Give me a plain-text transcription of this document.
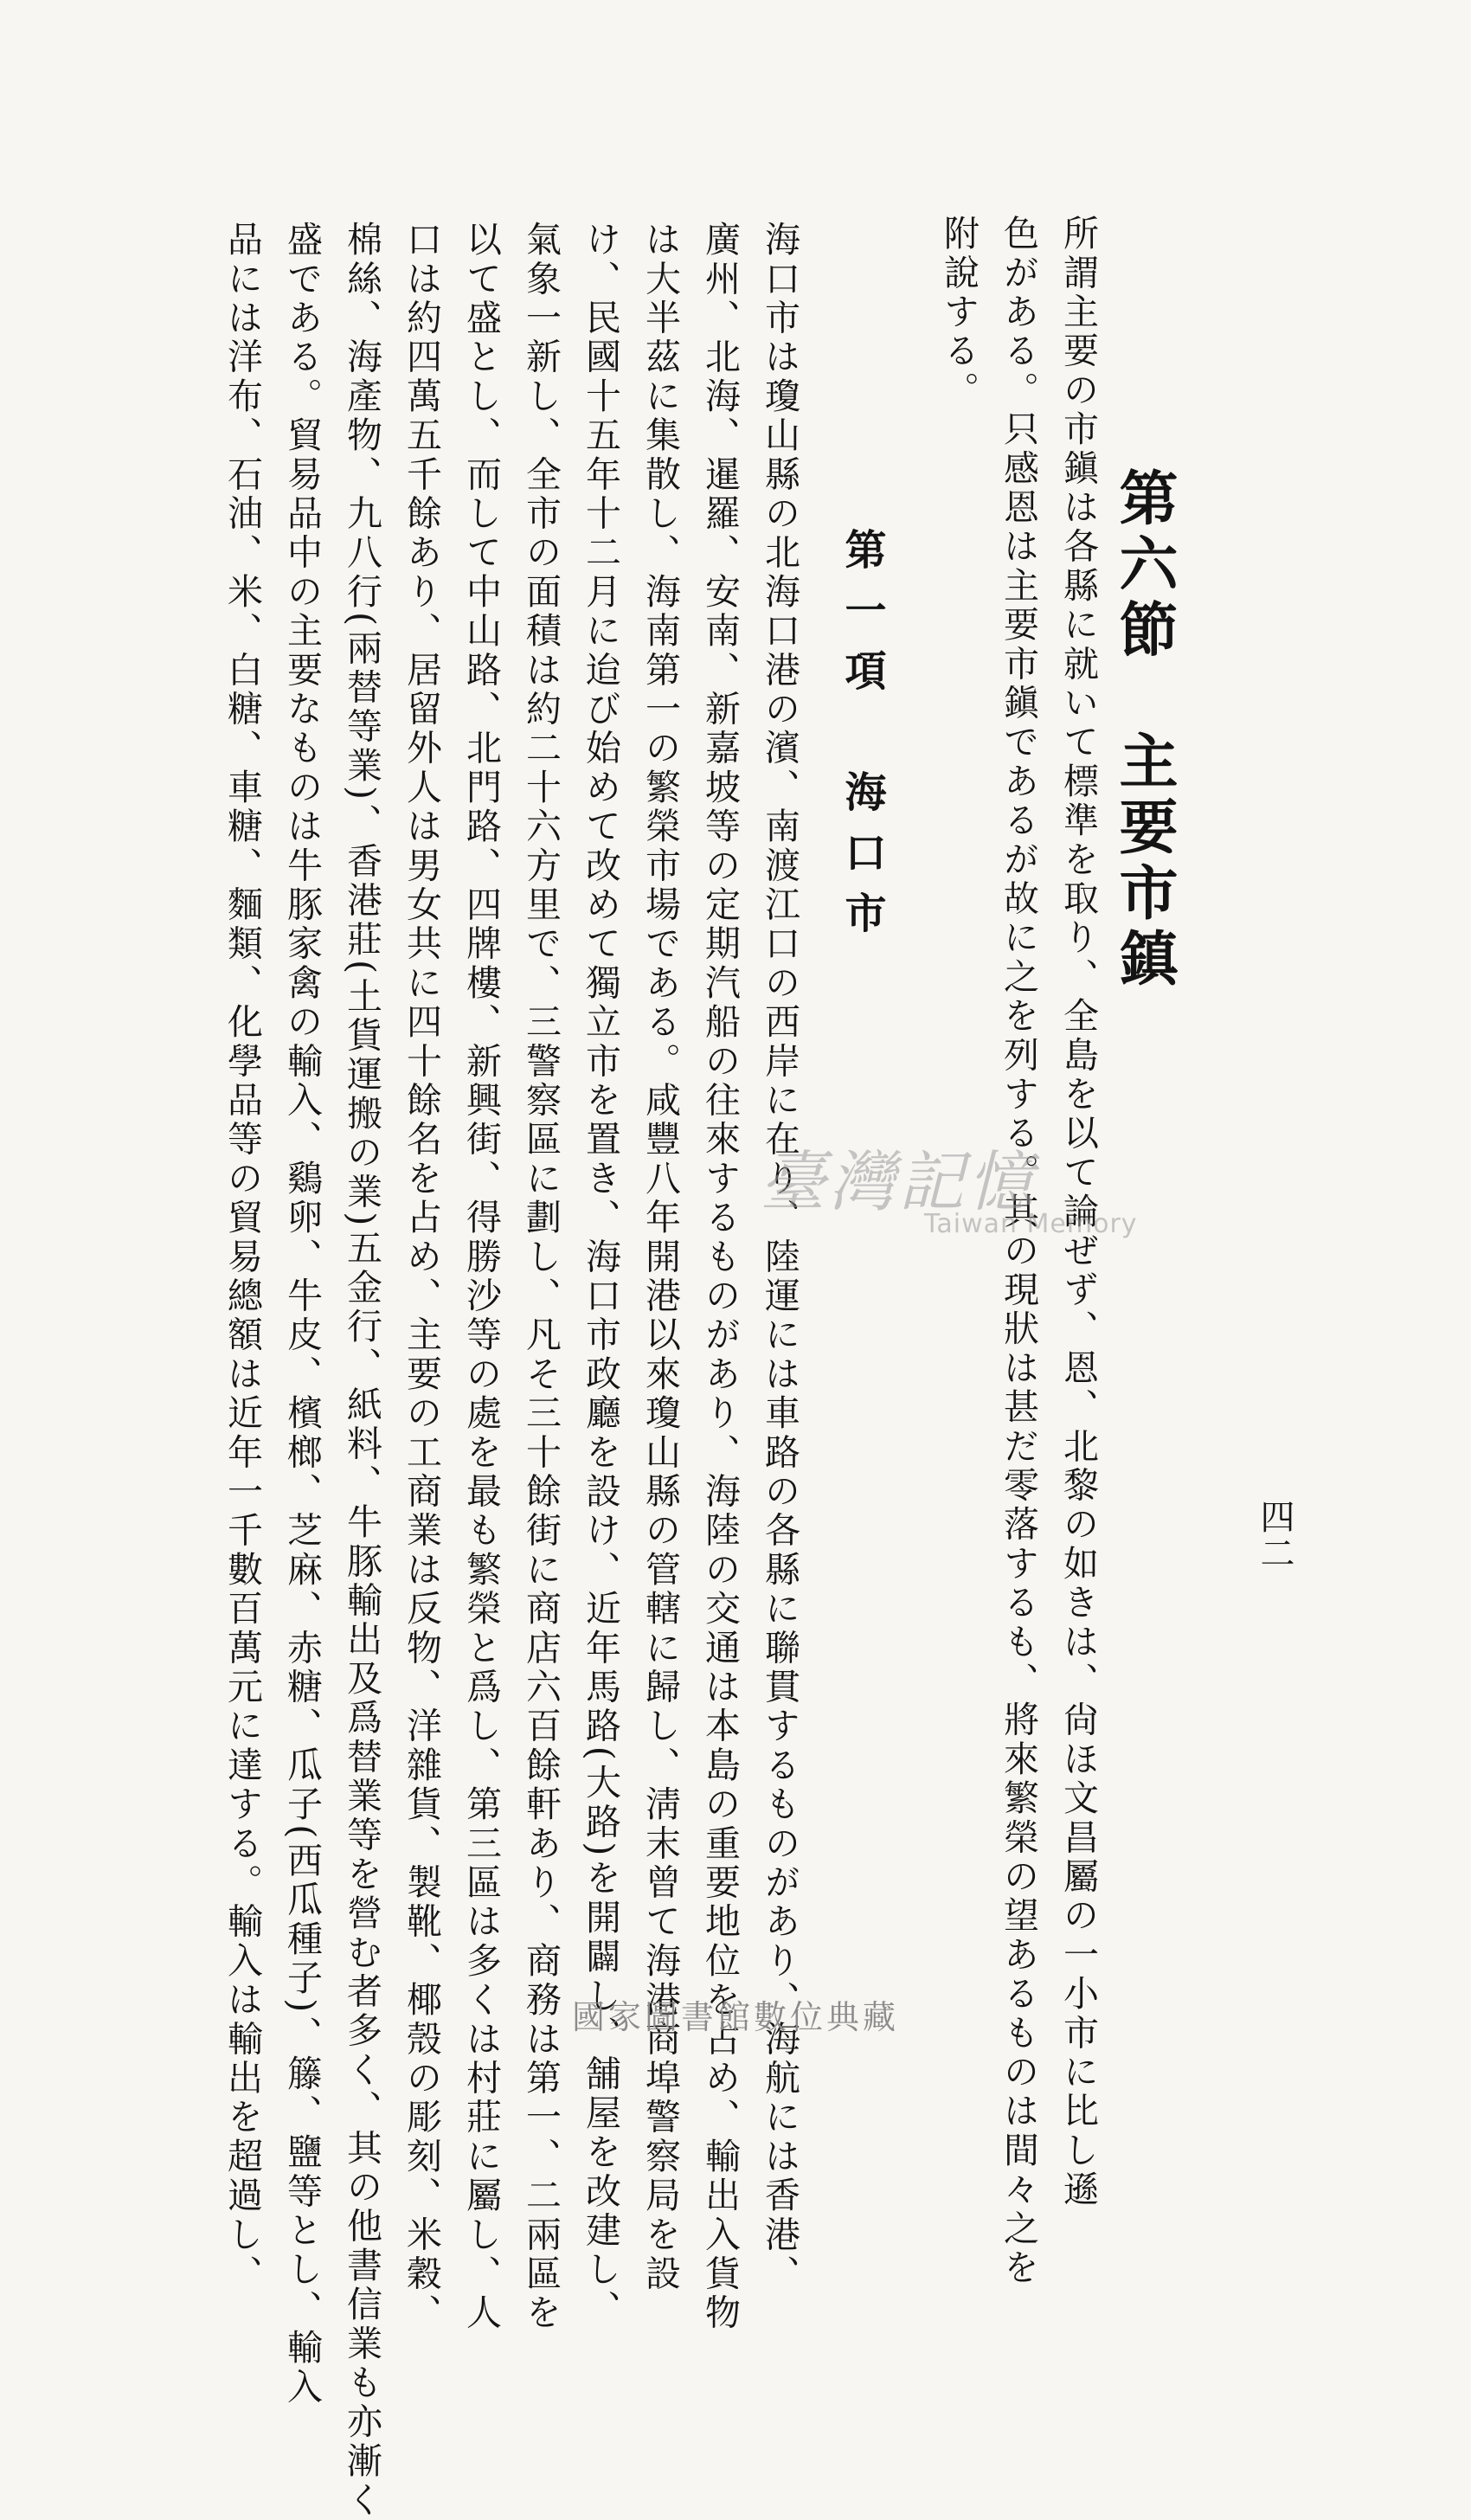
四二
第六節　主要市鎮
所謂主要の市鎭は各縣に就いて標準を取り、全島を以て論ぜず、恩、北黎の如きは、尙ほ文昌屬の一小市に比し遜
色がある。只感恩は主要市鎭であるが故に之を列する。其の現狀は甚だ零落するも、將來繁榮の望あるものは間々之を
附說する。
第一項　海口市
海口市は瓊山縣の北海口港の濱、南渡江口の西岸に在り、陸運には車路の各縣に聯貫するものがあり、海航には香港、
廣州、北海、暹羅、安南、新嘉坡等の定期汽船の往來するものがあり、海陸の交通は本島の重要地位を占め、輸出入貨物
は大半茲に集散し、海南第一の繁榮市場である。咸豐八年開港以來瓊山縣の管轄に歸し、淸末曾て海港商埠警察局を設
け、民國十五年十二月に迨び始めて改めて獨立市を置き、海口市政廳を設け、近年馬路(大路)を開闢し、舗屋を改建し、
氣象一新し、全市の面積は約二十六方里で、三警察區に劃し、凡そ三十餘街に商店六百餘軒あり、商務は第一、二兩區を
以て盛とし、而して中山路、北門路、四牌樓、新興街、得勝沙等の處を最も繁榮と爲し、第三區は多くは村莊に屬し、人
口は約四萬五千餘あり、居留外人は男女共に四十餘名を占め、主要の工商業は反物、洋雜貨、製靴、椰殼の彫刻、米穀、
棉絲、海產物、九八行(兩替等業)、香港莊(土貨運搬の業)五金行、紙料、牛豚輸出及爲替業等を營む者多く、其の他書信業も亦漸く
盛である。貿易品中の主要なものは牛豚家禽の輸入、鷄卵、牛皮、檳榔、芝麻、赤糖、瓜子(西瓜種子)、籐、鹽等とし、輸入
品には洋布、石油、米、白糖、車糖、麵類、化學品等の貿易總額は近年一千數百萬元に達する。輸入は輸出を超過し、	臺灣記憶
Taiwan Memory
國家圖書館數位典藏
